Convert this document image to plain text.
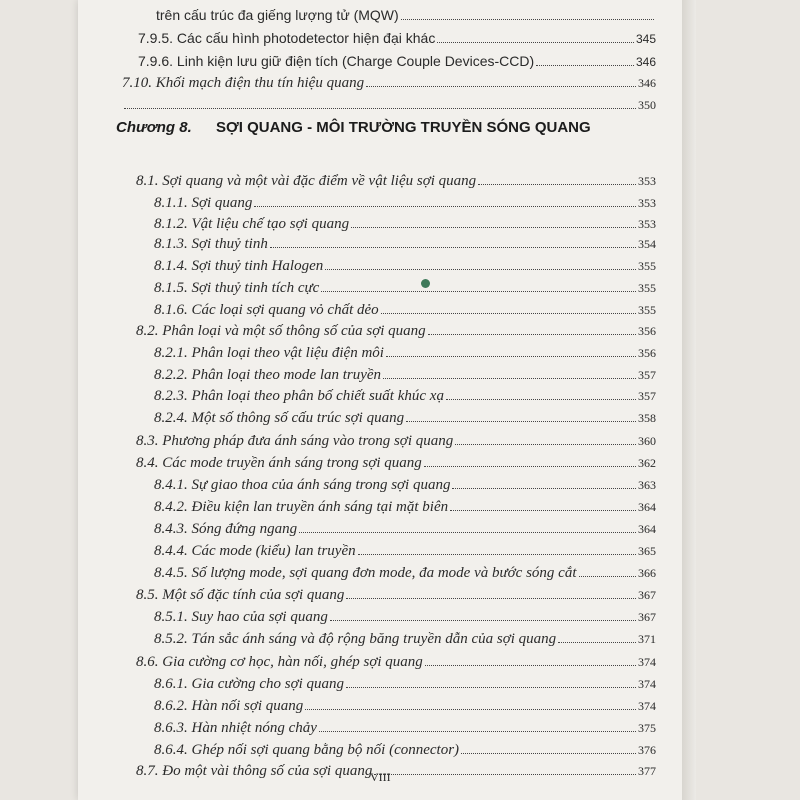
trên cấu trúc đa giếng lượng tử (MQW)
7.9.5. Các cấu hình photodetector hiện đại khác	345
7.9.6. Linh kiện lưu giữ điện tích (Charge Couple Devices-CCD)	346
7.10. Khối mạch điện thu tín hiệu quang	346
350
Chương 8. SỢI QUANG - MÔI TRƯỜNG TRUYỀN SÓNG QUANG
8.1. Sợi quang và một vài đặc điểm về vật liệu sợi quang	353
8.1.1. Sợi quang	353
8.1.2. Vật liệu chế tạo sợi quang	353
8.1.3. Sợi thuỷ tinh	354
8.1.4. Sợi thuỷ tinh Halogen	355
8.1.5. Sợi thuỷ tinh tích cực	355
8.1.6. Các loại sợi quang vỏ chất dẻo	355
8.2. Phân loại và một số thông số của sợi quang	356
8.2.1. Phân loại theo vật liệu điện môi	356
8.2.2. Phân loại theo mode lan truyền	357
8.2.3. Phân loại theo phân bố chiết suất khúc xạ	357
8.2.4. Một số thông số cấu trúc sợi quang	358
8.3. Phương pháp đưa ánh sáng vào trong sợi quang	360
8.4. Các mode truyền ánh sáng trong sợi quang	362
8.4.1. Sự giao thoa của ánh sáng trong sợi quang	363
8.4.2. Điều kiện lan truyền ánh sáng tại mặt biên	364
8.4.3. Sóng đứng ngang	364
8.4.4. Các mode (kiểu) lan truyền	365
8.4.5. Số lượng mode, sợi quang đơn mode, đa mode và bước sóng cắt	366
8.5. Một số đặc tính của sợi quang	367
8.5.1. Suy hao của sợi quang	367
8.5.2. Tán sắc ánh sáng và độ rộng băng truyền dẫn của sợi quang	371
8.6. Gia cường cơ học, hàn nối, ghép sợi quang	374
8.6.1. Gia cường cho sợi quang	374
8.6.2. Hàn nối sợi quang	374
8.6.3. Hàn nhiệt nóng chảy	375
8.6.4. Ghép nối sợi quang bằng bộ nối (connector)	376
8.7. Đo một vài thông số của sợi quang	377
VIII
